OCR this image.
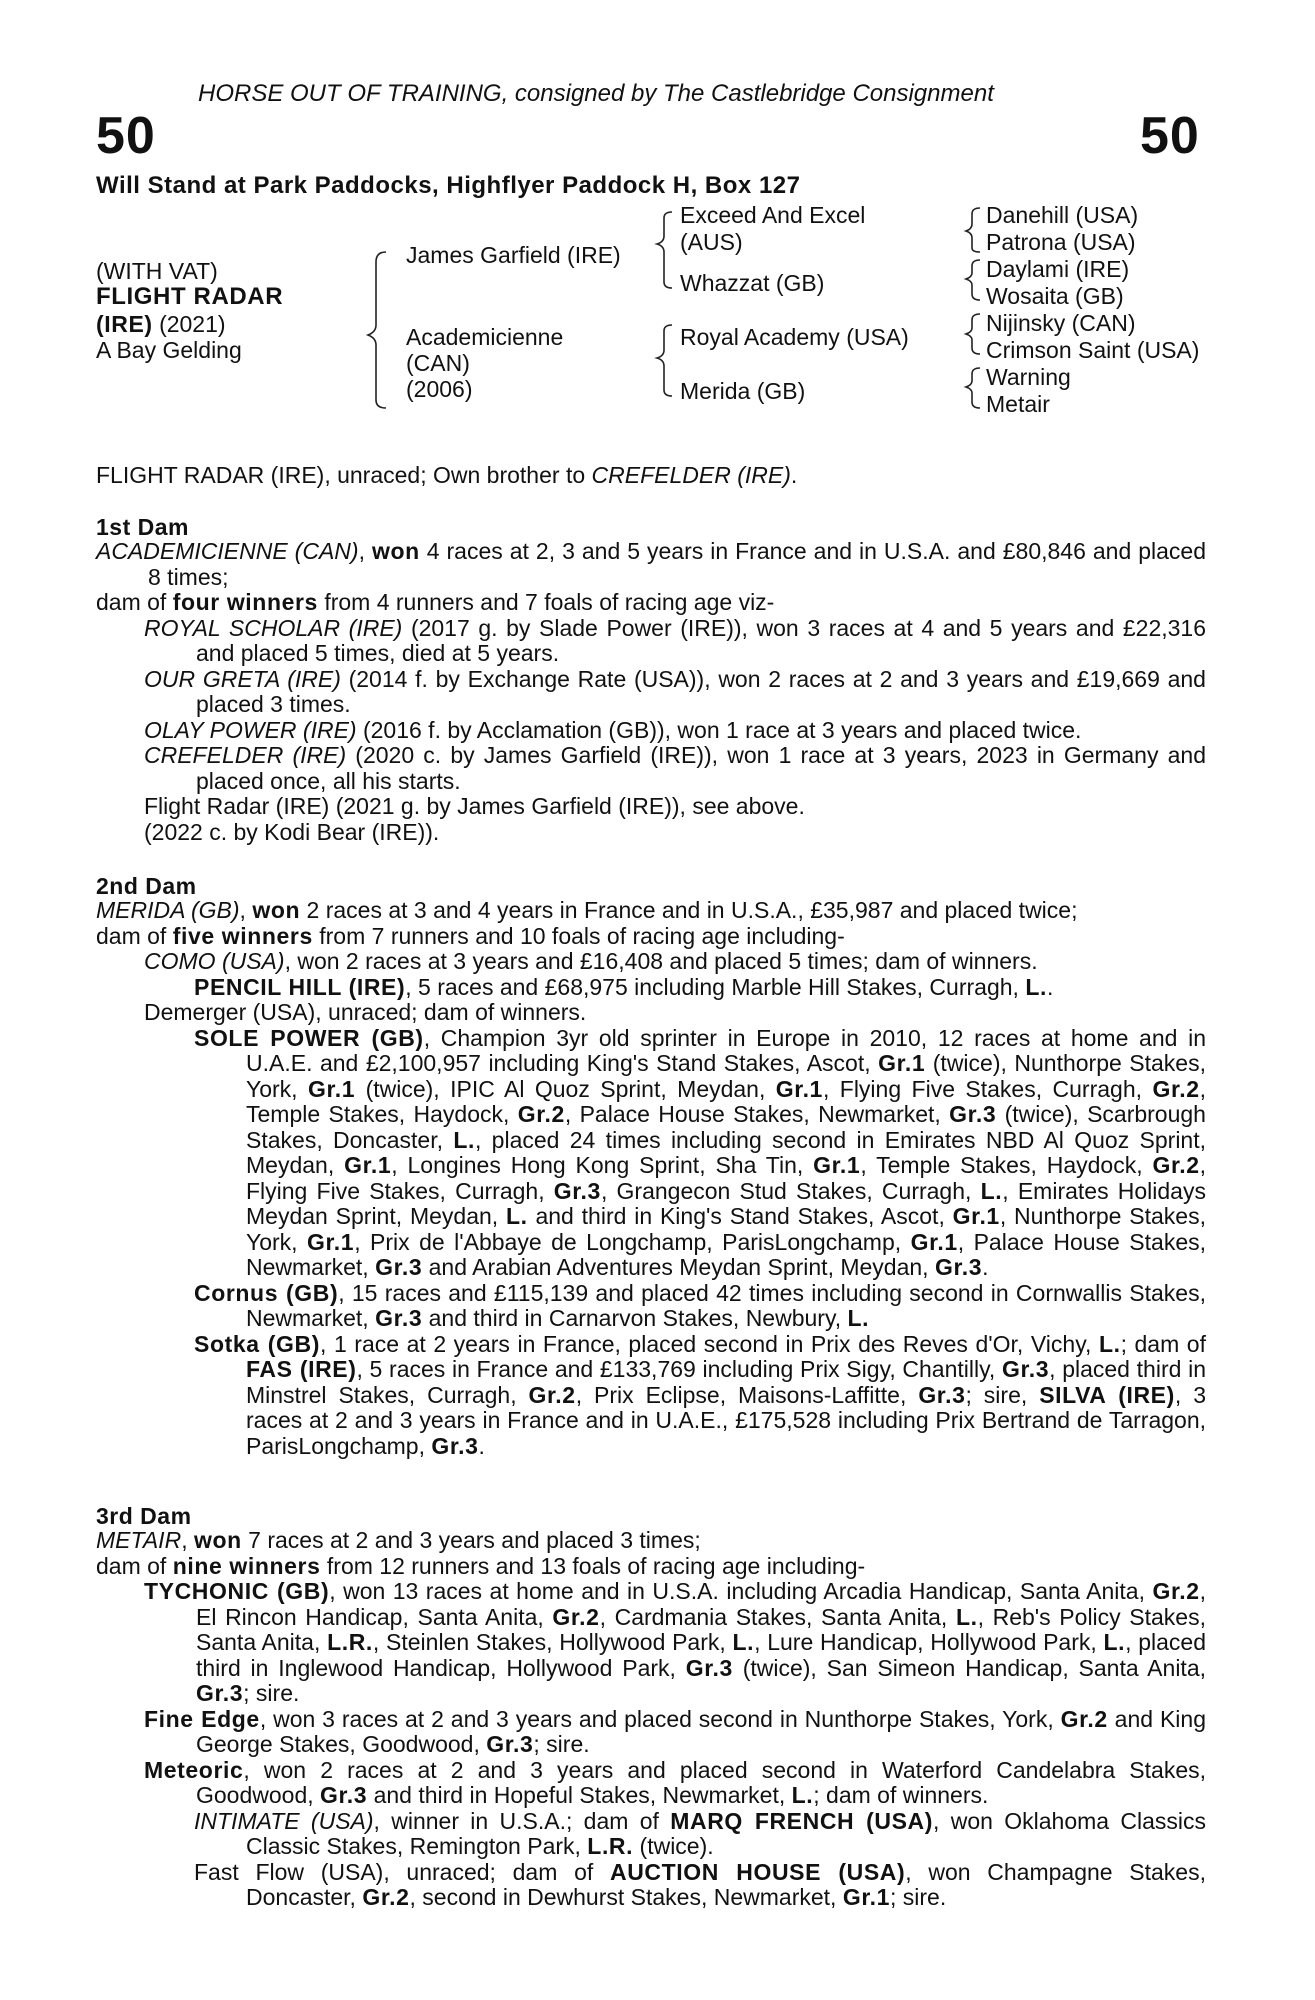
HORSE OUT OF TRAINING, consigned by The Castlebridge Consignment
50	50
Will Stand at Park Paddocks, Highflyer Paddock H, Box 127
(WITH VAT)
FLIGHT RADAR
(IRE) (2021)
A Bay Gelding
James Garfield (IRE)
Academicienne
(CAN)
(2006)
Exceed And Excel
(AUS)
Whazzat (GB)
Royal Academy (USA)
Merida (GB)
Danehill (USA)
Patrona (USA)
Daylami (IRE)
Wosaita (GB)
Nijinsky (CAN)
Crimson Saint (USA)
Warning
Metair
FLIGHT RADAR (IRE), unraced; Own brother to CREFELDER (IRE).
1st Dam
ACADEMICIENNE (CAN), won 4 races at 2, 3 and 5 years in France and in U.S.A. and £80,846 and placed 8 times;
dam of four winners from 4 runners and 7 foals of racing age viz-
ROYAL SCHOLAR (IRE) (2017 g. by Slade Power (IRE)), won 3 races at 4 and 5 years and £22,316 and placed 5 times, died at 5 years.
OUR GRETA (IRE) (2014 f. by Exchange Rate (USA)), won 2 races at 2 and 3 years and £19,669 and placed 3 times.
OLAY POWER (IRE) (2016 f. by Acclamation (GB)), won 1 race at 3 years and placed twice.
CREFELDER (IRE) (2020 c. by James Garfield (IRE)), won 1 race at 3 years, 2023 in Germany and placed once, all his starts.
Flight Radar (IRE) (2021 g. by James Garfield (IRE)), see above.
(2022 c. by Kodi Bear (IRE)).
2nd Dam
MERIDA (GB), won 2 races at 3 and 4 years in France and in U.S.A., £35,987 and placed twice;
dam of five winners from 7 runners and 10 foals of racing age including-
COMO (USA), won 2 races at 3 years and £16,408 and placed 5 times; dam of winners.
PENCIL HILL (IRE), 5 races and £68,975 including Marble Hill Stakes, Curragh, L..
Demerger (USA), unraced; dam of winners.
SOLE POWER (GB), Champion 3yr old sprinter in Europe in 2010, 12 races at home and in U.A.E. and £2,100,957 including King's Stand Stakes, Ascot, Gr.1 (twice), Nunthorpe Stakes, York, Gr.1 (twice), IPIC Al Quoz Sprint, Meydan, Gr.1, Flying Five Stakes, Curragh, Gr.2, Temple Stakes, Haydock, Gr.2, Palace House Stakes, Newmarket, Gr.3 (twice), Scarbrough Stakes, Doncaster, L., placed 24 times including second in Emirates NBD Al Quoz Sprint, Meydan, Gr.1, Longines Hong Kong Sprint, Sha Tin, Gr.1, Temple Stakes, Haydock, Gr.2, Flying Five Stakes, Curragh, Gr.3, Grangecon Stud Stakes, Curragh, L., Emirates Holidays Meydan Sprint, Meydan, L. and third in King's Stand Stakes, Ascot, Gr.1, Nunthorpe Stakes, York, Gr.1, Prix de l'Abbaye de Longchamp, ParisLongchamp, Gr.1, Palace House Stakes, Newmarket, Gr.3 and Arabian Adventures Meydan Sprint, Meydan, Gr.3.
Cornus (GB), 15 races and £115,139 and placed 42 times including second in Cornwallis Stakes, Newmarket, Gr.3 and third in Carnarvon Stakes, Newbury, L.
Sotka (GB), 1 race at 2 years in France, placed second in Prix des Reves d'Or, Vichy, L.; dam of FAS (IRE), 5 races in France and £133,769 including Prix Sigy, Chantilly, Gr.3, placed third in Minstrel Stakes, Curragh, Gr.2, Prix Eclipse, Maisons-Laffitte, Gr.3; sire, SILVA (IRE), 3 races at 2 and 3 years in France and in U.A.E., £175,528 including Prix Bertrand de Tarragon, ParisLongchamp, Gr.3.
3rd Dam
METAIR, won 7 races at 2 and 3 years and placed 3 times;
dam of nine winners from 12 runners and 13 foals of racing age including-
TYCHONIC (GB), won 13 races at home and in U.S.A. including Arcadia Handicap, Santa Anita, Gr.2, El Rincon Handicap, Santa Anita, Gr.2, Cardmania Stakes, Santa Anita, L., Reb's Policy Stakes, Santa Anita, L.R., Steinlen Stakes, Hollywood Park, L., Lure Handicap, Hollywood Park, L., placed third in Inglewood Handicap, Hollywood Park, Gr.3 (twice), San Simeon Handicap, Santa Anita, Gr.3; sire.
Fine Edge, won 3 races at 2 and 3 years and placed second in Nunthorpe Stakes, York, Gr.2 and King George Stakes, Goodwood, Gr.3; sire.
Meteoric, won 2 races at 2 and 3 years and placed second in Waterford Candelabra Stakes, Goodwood, Gr.3 and third in Hopeful Stakes, Newmarket, L.; dam of winners.
INTIMATE (USA), winner in U.S.A.; dam of MARQ FRENCH (USA), won Oklahoma Classics Classic Stakes, Remington Park, L.R. (twice).
Fast Flow (USA), unraced; dam of AUCTION HOUSE (USA), won Champagne Stakes, Doncaster, Gr.2, second in Dewhurst Stakes, Newmarket, Gr.1; sire.
